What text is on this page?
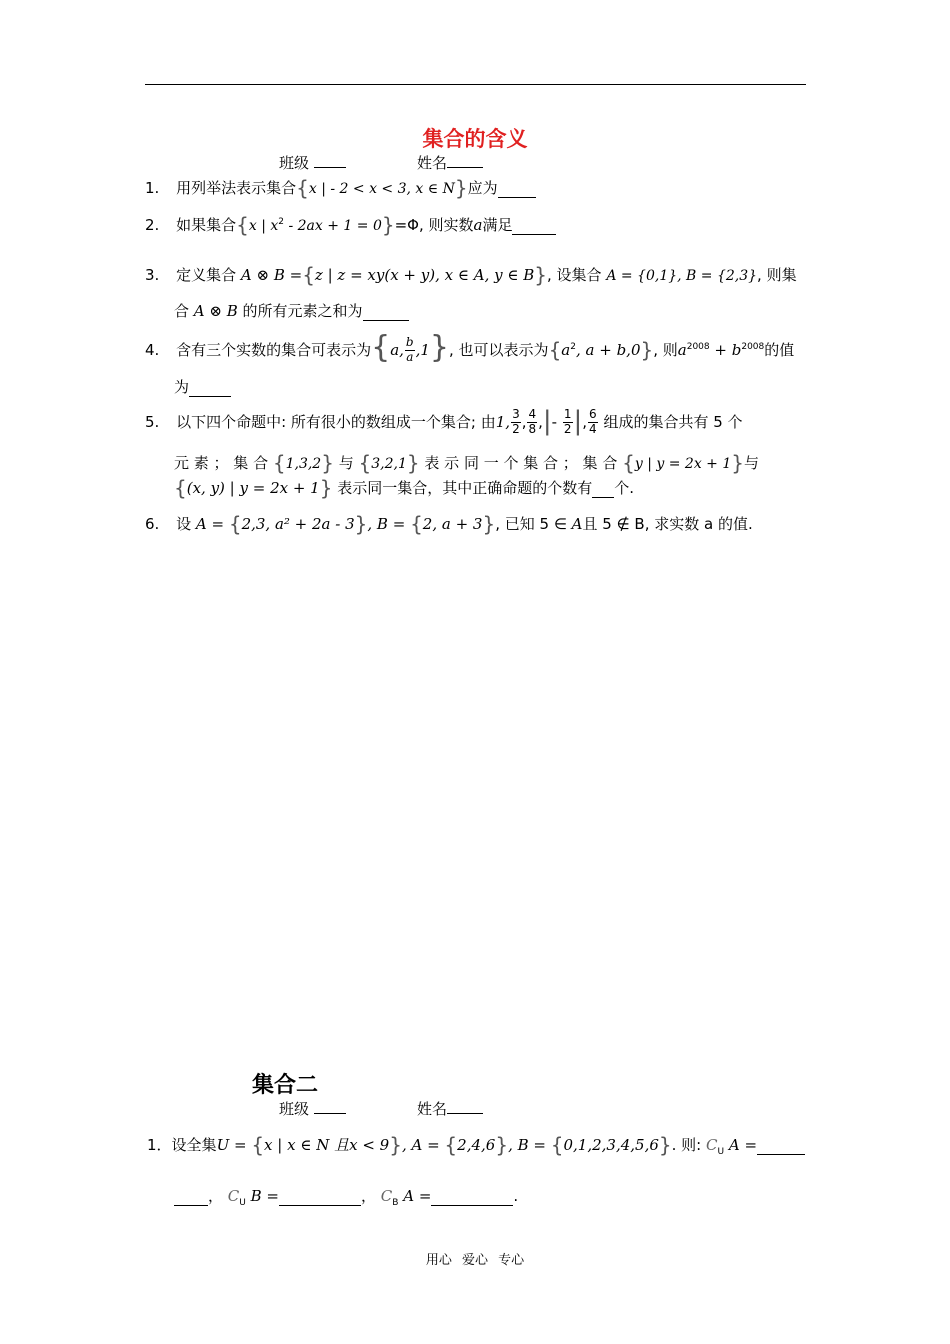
集合的含义
班级	姓名
1. 用列举法表示集合{x | - 2 < x < 3, x ∈ N}应为
2. 如果集合{x | $x^2 - 2ax + 1 = 0\}=\Phi$, 则实数a满足
3. 定义集合 A ⊗ B ={z | z = xy(x + y), x ∈ A, y ∈ B}, 设集合 A = {0,1}, B = {2,3}, 则集
合 A ⊗ B 的所有元素之和为
4. 含有三个实数的集合可表示为{a, $\frac{b}{a} ,1$}, 也可以表示为{$a^2$, a + b,0}, 则$a^{2008} + b^{2008}$的值
为
5. 以下四个命题中: 所有很小的数组成一个集合; 由1, $\frac{3}{2}$ , $\frac{4}{8}$ ,|- $\frac{1}{2}$ |, $\frac{6}{4}$ 组成的集合共有 5 个
元 素 ； 集 合 {1,3,2} 与 {3,2,1} 表 示 同 一 个 集 合 ； 集 合 {y | y = 2x + 1}与
{(x, y) | y = 2x + 1} 表示同一集合，其中正确命题的个数有 个.
6. 设 A = {2,3, a² + 2a - 3}, B = {2, a + 3}, 已知 5 ∈ A且 5 ∉ B, 求实数 a 的值.
集合二
班级	姓名
1．设全集U = {x | x ∈ N 且x < 9}, A = {2,4,6}, B = {0,1,2,3,4,5,6}. 则: $C_U$ A =
， $C_U$ B =	， $C_B$ A =	.
用心 爱心 专心
